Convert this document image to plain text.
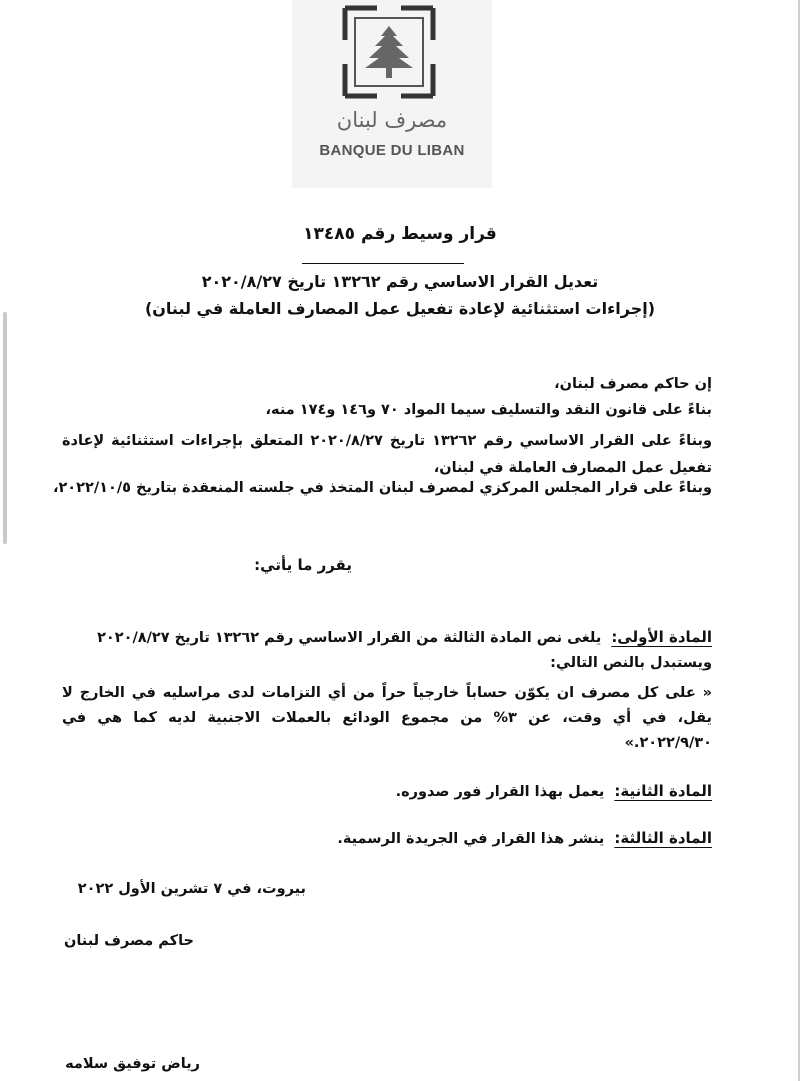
مصرف لبنان
BANQUE DU LIBAN
قرار وسيط رقم ١٣٤٨٥
تعديل القرار الاساسي رقم ١٣٢٦٢ تاريخ ٢٠٢٠/٨/٢٧
(إجراءات استثنائية لإعادة تفعيل عمل المصارف العاملة في لبنان)
إن حاكم مصرف لبنان،
بناءً على قانون النقد والتسليف سيما المواد ٧٠ و١٤٦ و١٧٤ منه،
وبناءً على القرار الاساسي رقم ١٣٢٦٢ تاريخ ٢٠٢٠/٨/٢٧ المتعلق بإجراءات استثنائية لإعادة تفعيل عمل المصارف العاملة في لبنان،
وبناءً على قرار المجلس المركزي لمصرف لبنان المتخذ في جلسته المنعقدة بتاريخ ٢٠٢٢/١٠/٥،
يقرر ما يأتي:
المادة الأولى:يلغى نص المادة الثالثة من القرار الاساسي رقم ١٣٢٦٢ تاريخ ٢٠٢٠/٨/٢٧
ويستبدل بالنص التالي:
« على كل مصرف ان يكوّن حساباً خارجياً حراً من أي التزامات لدى مراسليه في الخارج لا يقل، في أي وقت، عن ٣% من مجموع الودائع بالعملات الاجنبية لديه كما هي في ٢٠٢٢/٩/٣٠.»
المادة الثانية:يعمل بهذا القرار فور صدوره.
المادة الثالثة:ينشر هذا القرار في الجريدة الرسمية.
بيروت، في ٧ تشرين الأول ٢٠٢٢
حاكم مصرف لبنان
رياض توفيق سلامه
